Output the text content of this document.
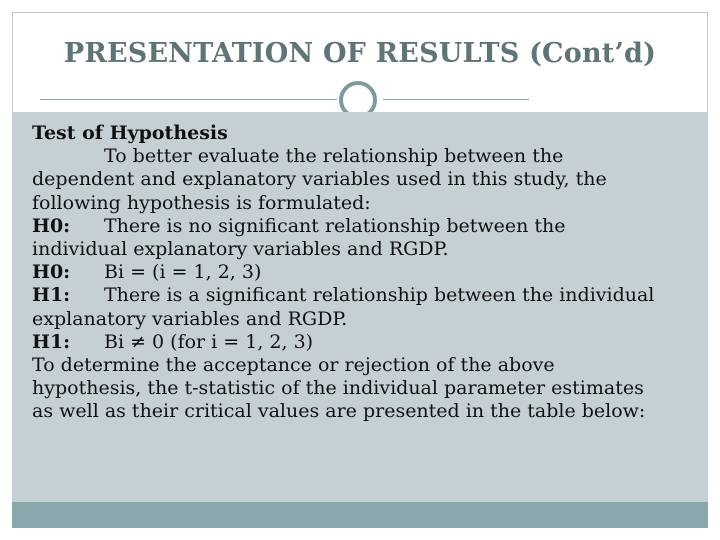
PRESENTATION OF RESULTS (Cont’d)
Test of Hypothesis
To better evaluate the relationship between the
dependent and explanatory variables used in this study, the
following hypothesis is formulated:
H0: There is no significant relationship between the
individual explanatory variables and RGDP.
H0: Bi = (i = 1, 2, 3)
H1: There is a significant relationship between the individual
explanatory variables and RGDP.
H1: Bi ≠ 0 (for i = 1, 2, 3)
To determine the acceptance or rejection of the above
hypothesis, the t-statistic of the individual parameter estimates
as well as their critical values are presented in the table below:
